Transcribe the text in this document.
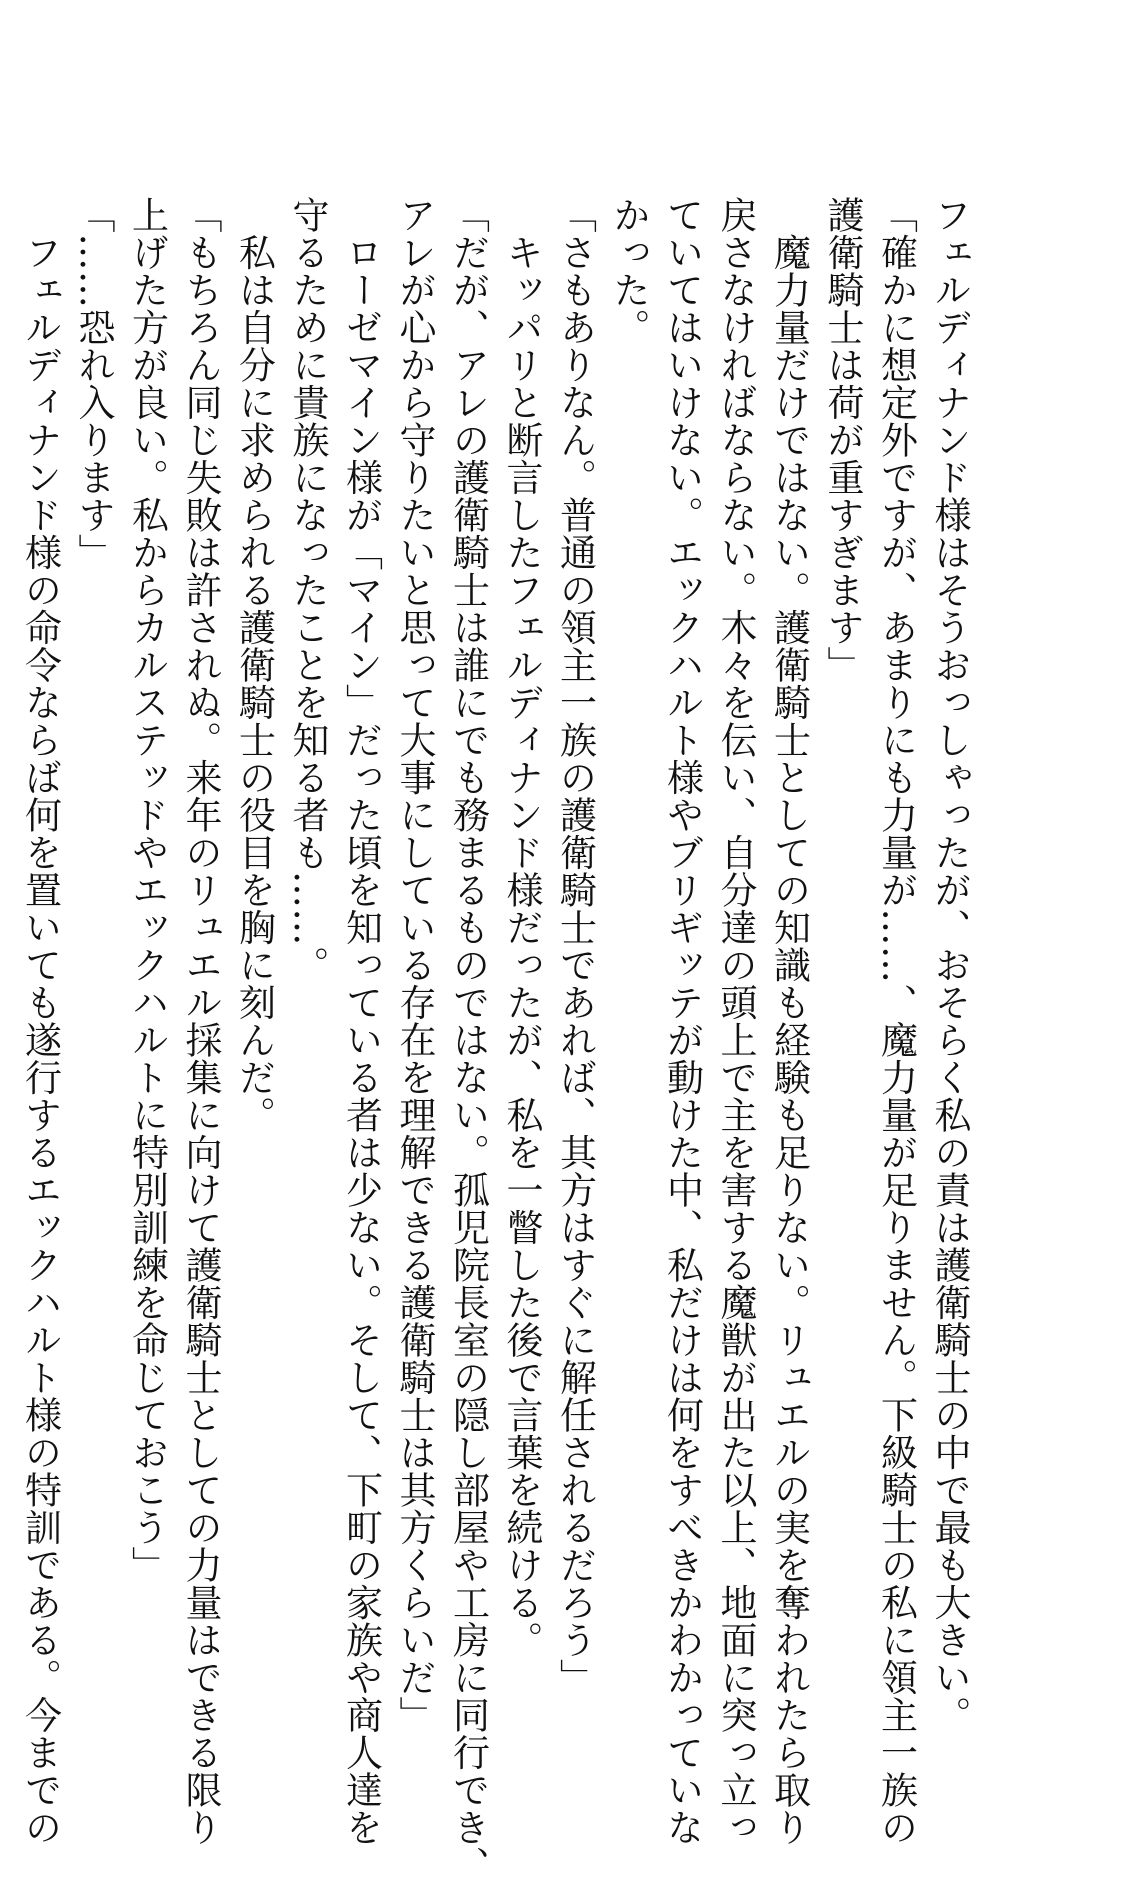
フェルディナンド様はそうおっしゃったが、おそらく私の責は護衛騎士の中で最も大きい。
「確かに想定外ですが、あまりにも力量が……、魔力量が足りません。下級騎士の私に領主一族の
護衛騎士は荷が重すぎます」
　魔力量だけではない。護衛騎士としての知識も経験も足りない。リュエルの実を奪われたら取り
戻さなければならない。木々を伝い、自分達の頭上で主を害する魔獣が出た以上、地面に突っ立っ
ていてはいけない。エックハルト様やブリギッテが動けた中、私だけは何をすべきかわかっていな
かった。
「さもありなん。普通の領主一族の護衛騎士であれば、其方はすぐに解任されるだろう」
　キッパリと断言したフェルディナンド様だったが、私を一瞥した後で言葉を続ける。
「だが、アレの護衛騎士は誰にでも務まるものではない。孤児院長室の隠し部屋や工房に同行でき、
アレが心から守りたいと思って大事にしている存在を理解できる護衛騎士は其方くらいだ」
　ローゼマイン様が「マイン」だった頃を知っている者は少ない。そして、下町の家族や商人達を
守るために貴族になったことを知る者も……。
　私は自分に求められる護衛騎士の役目を胸に刻んだ。
「もちろん同じ失敗は許されぬ。来年のリュエル採集に向けて護衛騎士としての力量はできる限り
上げた方が良い。私からカルステッドやエックハルトに特別訓練を命じておこう」
「……恐れ入ります」
　フェルディナンド様の命令ならば何を置いても遂行するエックハルト様の特訓である。今までの
